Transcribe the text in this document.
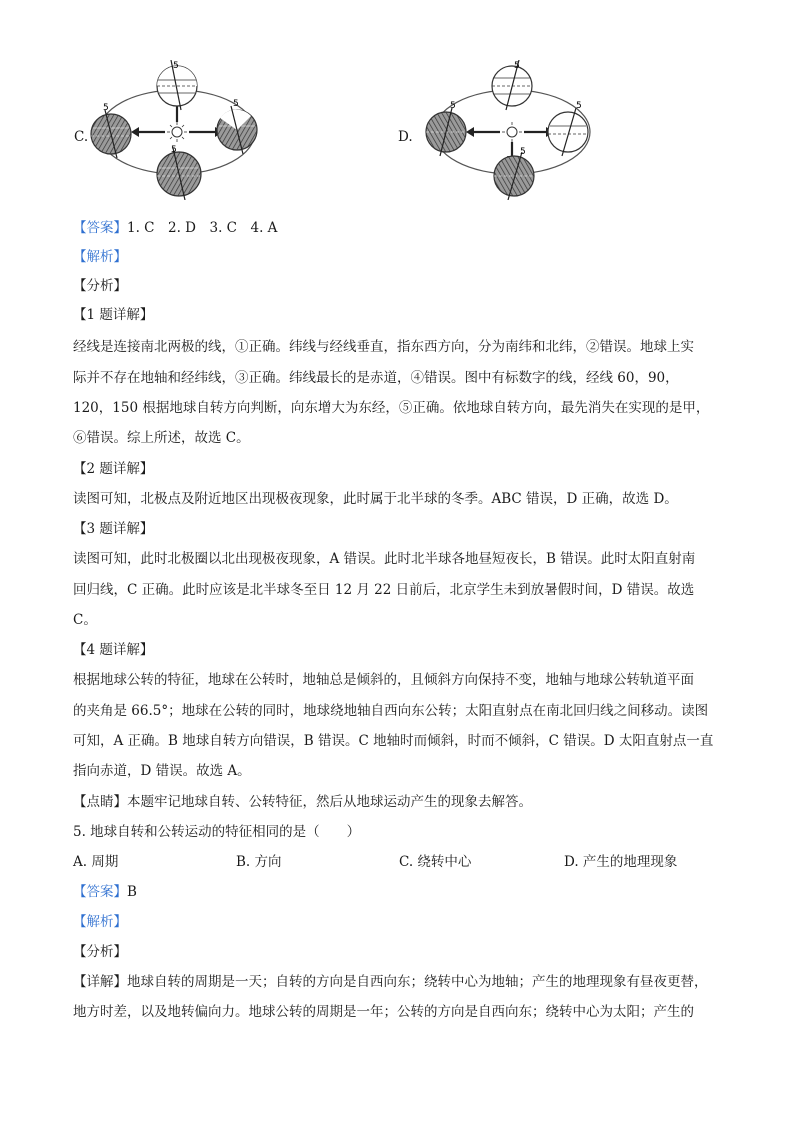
C.	D.
5
5	5
5
5
5	5
5
【答案】1. C　2. D　3. C　4. A
【解析】
【分析】
【1 题详解】
经线是连接南北两极的线，①正确。纬线与经线垂直，指东西方向，分为南纬和北纬，②错误。地球上实
际并不存在地轴和经纬线，③正确。纬线最长的是赤道，④错误。图中有标数字的线，经线 60，90，
120，150 根据地球自转方向判断，向东增大为东经，⑤正确。依地球自转方向，最先消失在实现的是甲，
⑥错误。综上所述，故选 C。
【2 题详解】
读图可知，北极点及附近地区出现极夜现象，此时属于北半球的冬季。ABC 错误，D 正确，故选 D。
【3 题详解】
读图可知，此时北极圈以北出现极夜现象，A 错误。此时北半球各地昼短夜长，B 错误。此时太阳直射南
回归线，C 正确。此时应该是北半球冬至日 12 月 22 日前后，北京学生未到放暑假时间，D 错误。故选
C。
【4 题详解】
根据地球公转的特征，地球在公转时，地轴总是倾斜的，且倾斜方向保持不变，地轴与地球公转轨道平面
的夹角是 66.5°；地球在公转的同时，地球绕地轴自西向东公转；太阳直射点在南北回归线之间移动。读图
可知，A 正确。B 地球自转方向错误，B 错误。C 地轴时而倾斜，时而不倾斜，C 错误。D 太阳直射点一直
指向赤道，D 错误。故选 A。
【点睛】本题牢记地球自转、公转特征，然后从地球运动产生的现象去解答。
5. 地球自转和公转运动的特征相同的是（　　）
A. 周期	B. 方向	C. 绕转中心	D. 产生的地理现象
【答案】B
【解析】
【分析】
【详解】地球自转的周期是一天；自转的方向是自西向东；绕转中心为地轴；产生的地理现象有昼夜更替，
地方时差，以及地转偏向力。地球公转的周期是一年；公转的方向是自西向东；绕转中心为太阳；产生的
